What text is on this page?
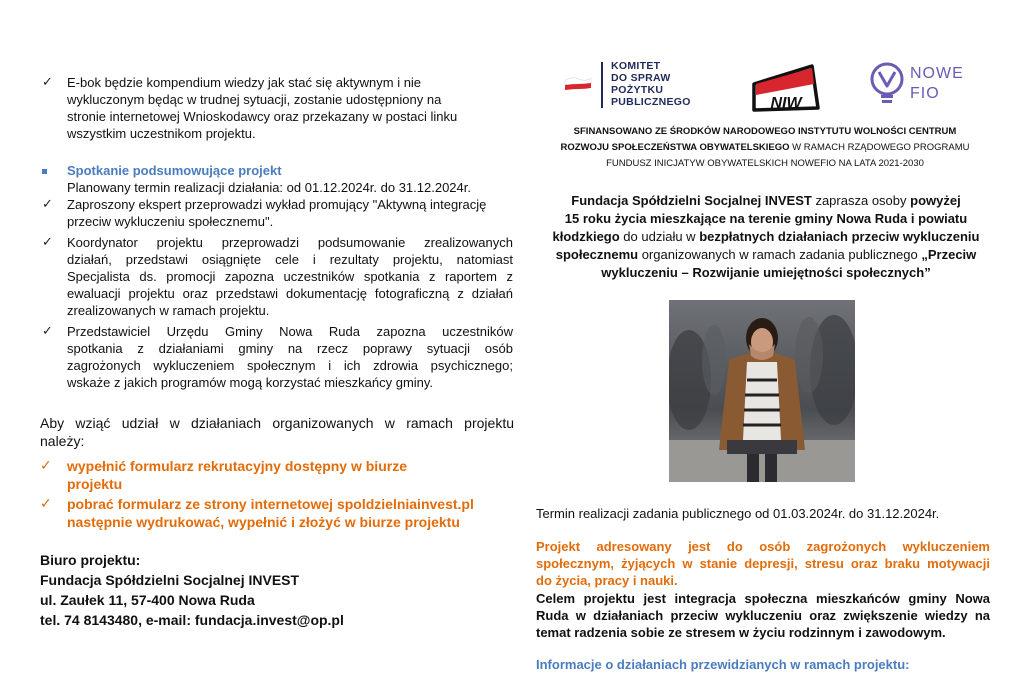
✓ E-bok będzie kompendium wiedzy jak stać się aktywnym i nie
wykluczonym będąc w trudnej sytuacji, zostanie udostępniony na
stronie internetowej Wnioskodawcy oraz przekazany w postaci linku
wszystkim uczestnikom projektu.
Spotkanie podsumowujące projekt
Planowany termin realizacji działania: od 01.12.2024r. do 31.12.2024r.
✓ Zaproszony ekspert przeprowadzi wykład promujący "Aktywną integrację
przeciw wykluczeniu społecznemu".
✓ Koordynator projektu przeprowadzi podsumowanie zrealizowanych
działań, przedstawi osiągnięte cele i rezultaty projektu, natomiast
Specjalista ds. promocji zapozna uczestników spotkania z raportem z
ewaluacji projektu oraz przedstawi dokumentację fotograficzną z działań
zrealizowanych w ramach projektu.
✓ Przedstawiciel Urzędu Gminy Nowa Ruda zapozna uczestników
spotkania z działaniami gminy na rzecz poprawy sytuacji osób
zagrożonych wykluczeniem społecznym i ich zdrowia psychicznego;
wskaże z jakich programów mogą korzystać mieszkańcy gminy.
Aby wziąć udział w działaniach organizowanych w ramach projektu
należy:
✓ wypełnić formularz rekrutacyjny dostępny w biurze
projektu
✓ pobrać formularz ze strony internetowej spoldzielniainvest.pl
następnie wydrukować, wypełnić i złożyć w biurze projektu
Biuro projektu:
Fundacja Spółdzielni Socjalnej INVEST
ul. Zaułek 11, 57-400 Nowa Ruda
tel. 74 8143480, e-mail: fundacja.invest@op.pl
KOMITET
DO SPRAW
POŻYTKU
PUBLICZNEGO	NIW
NOWE
FIO
SFINANSOWANO ZE ŚRODKÓW NARODOWEGO INSTYTUTU WOLNOŚCI CENTRUM
ROZWOJU SPOŁECZEŃSTWA OBYWATELSKIEGO W RAMACH RZĄDOWEGO PROGRAMU
FUNDUSZ INICJATYW OBYWATELSKICH NOWEFIO NA LATA 2021-2030
Fundacja Spółdzielni Socjalnej INVEST zaprasza osoby powyżej
15 roku życia mieszkające na terenie gminy Nowa Ruda i powiatu
kłodzkiego do udziału w bezpłatnych działaniach przeciw wykluczeniu
społecznemu organizowanych w ramach zadania publicznego „Przeciw
wykluczeniu – Rozwijanie umiejętności społecznych”
Termin realizacji zadania publicznego od 01.03.2024r. do 31.12.2024r.
Projekt adresowany jest do osób zagrożonych wykluczeniem
społecznym, żyjących w stanie depresji, stresu oraz braku motywacji
do życia, pracy i nauki.
Celem projektu jest integracja społeczna mieszkańców gminy Nowa
Ruda w działaniach przeciw wykluczeniu oraz zwiększenie wiedzy na
temat radzenia sobie ze stresem w życiu rodzinnym i zawodowym.
Informacje o działaniach przewidzianych w ramach projektu:
